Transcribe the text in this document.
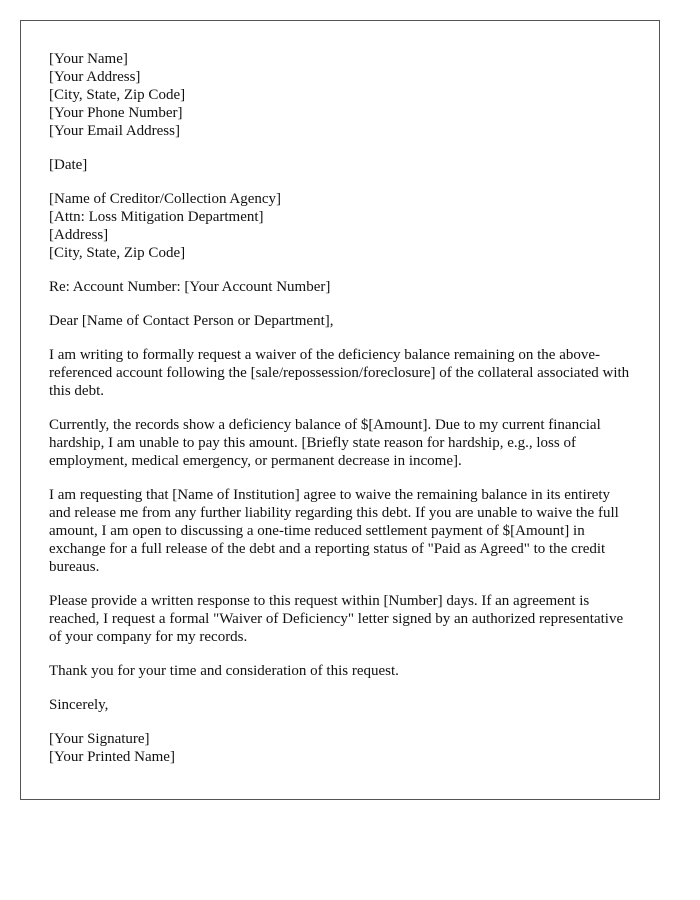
[Your Name]
[Your Address]
[City, State, Zip Code]
[Your Phone Number]
[Your Email Address]
[Date]
[Name of Creditor/Collection Agency]
[Attn: Loss Mitigation Department]
[Address]
[City, State, Zip Code]
Re: Account Number: [Your Account Number]
Dear [Name of Contact Person or Department],

I am writing to formally request a waiver of the deficiency balance remaining on the above-referenced account following the [sale/repossession/foreclosure] of the collateral associated with this debt.

Currently, the records show a deficiency balance of $[Amount]. Due to my current financial hardship, I am unable to pay this amount. [Briefly state reason for hardship, e.g., loss of employment, medical emergency, or permanent decrease in income].

I am requesting that [Name of Institution] agree to waive the remaining balance in its entirety and release me from any further liability regarding this debt. If you are unable to waive the full amount, I am open to discussing a one-time reduced settlement payment of $[Amount] in exchange for a full release of the debt and a reporting status of "Paid as Agreed" to the credit bureaus.

Please provide a written response to this request within [Number] days. If an agreement is reached, I request a formal "Waiver of Deficiency" letter signed by an authorized representative of your company for my records.

Thank you for your time and consideration of this request.

Sincerely,
[Your Signature]
[Your Printed Name]
